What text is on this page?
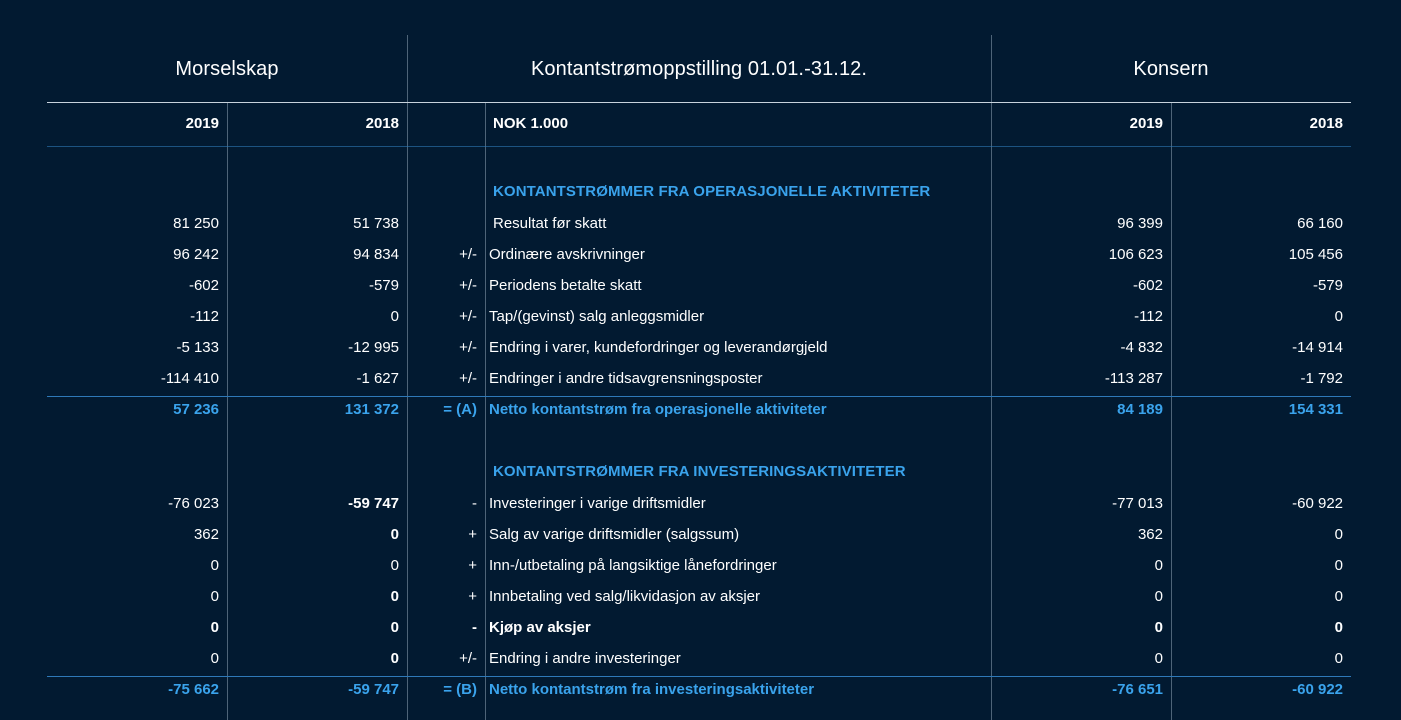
Morselskap	Kontantstrømoppstilling 01.01.-31.12.	Konsern
2019	2018	NOK 1.000	2019	2018
KONTANTSTRØMMER FRA OPERASJONELLE AKTIVITETER
81 250	51 738	Resultat før skatt	96 399	66 160
96 242	94 834	+/- Ordinære avskrivninger	106 623	105 456
-602	-579	+/- Periodens betalte skatt	-602	-579
-112	0	+/- Tap/(gevinst) salg anleggsmidler	-112	0
-5 133	-12 995	+/- Endring i varer, kundefordringer og leverandørgjeld	-4 832	-14 914
-114 410	-1 627	+/- Endringer i andre tidsavgrensningsposter	-113 287	-1 792
57 236	131 372	= (A) Netto kontantstrøm fra operasjonelle aktiviteter	84 189	154 331
KONTANTSTRØMMER FRA INVESTERINGSAKTIVITETER
-76 023	-59 747	- Investeringer i varige driftsmidler	-77 013	-60 922
362	0	+ Salg av varige driftsmidler (salgssum)	362	0
0	0	+ Inn-/utbetaling på langsiktige lånefordringer	0	0
0	0	+ Innbetaling ved salg/likvidasjon av aksjer	0	0
0	0	- Kjøp av aksjer	0	0
0	0	+/- Endring i andre investeringer	0	0
-75 662	-59 747	= (B) Netto kontantstrøm fra investeringsaktiviteter	-76 651	-60 922
